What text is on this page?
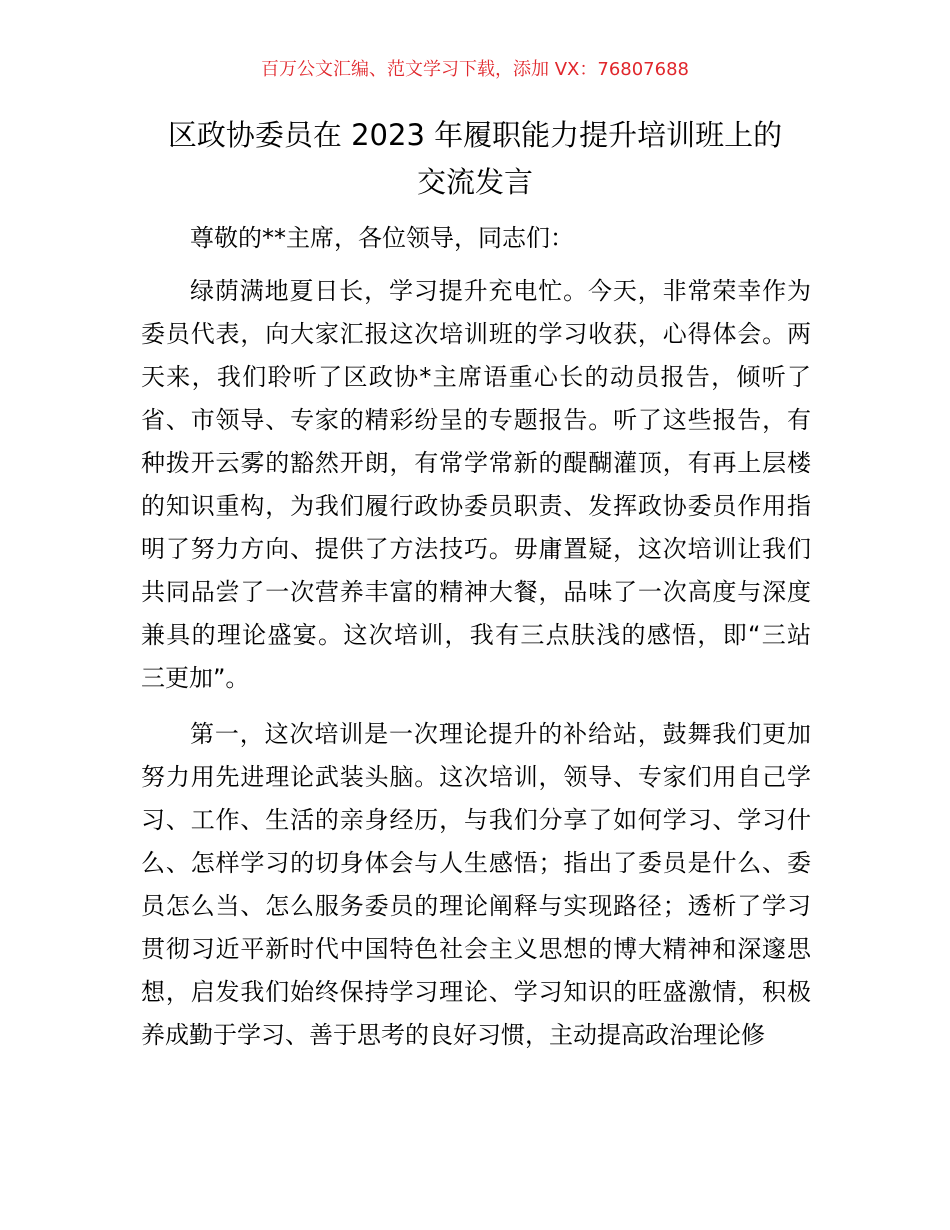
百万公文汇编、范文学习下载，添加 VX：76807688
区政协委员在 2023 年履职能力提升培训班上的
交流发言
尊敬的**主席，各位领导，同志们：
绿荫满地夏日长，学习提升充电忙。今天，非常荣幸作为
委员代表，向大家汇报这次培训班的学习收获，心得体会。两
天来，我们聆听了区政协*主席语重心长的动员报告，倾听了
省、市领导、专家的精彩纷呈的专题报告。听了这些报告，有
种拨开云雾的豁然开朗，有常学常新的醍醐灌顶，有再上层楼
的知识重构，为我们履行政协委员职责、发挥政协委员作用指
明了努力方向、提供了方法技巧。毋庸置疑，这次培训让我们
共同品尝了一次营养丰富的精神大餐，品味了一次高度与深度
兼具的理论盛宴。这次培训，我有三点肤浅的感悟，即“三站
三更加”。
第一，这次培训是一次理论提升的补给站，鼓舞我们更加
努力用先进理论武装头脑。这次培训，领导、专家们用自己学
习、工作、生活的亲身经历，与我们分享了如何学习、学习什
么、怎样学习的切身体会与人生感悟；指出了委员是什么、委
员怎么当、怎么服务委员的理论阐释与实现路径；透析了学习
贯彻习近平新时代中国特色社会主义思想的博大精神和深邃思
想，启发我们始终保持学习理论、学习知识的旺盛激情，积极
养成勤于学习、善于思考的良好习惯，主动提高政治理论修
